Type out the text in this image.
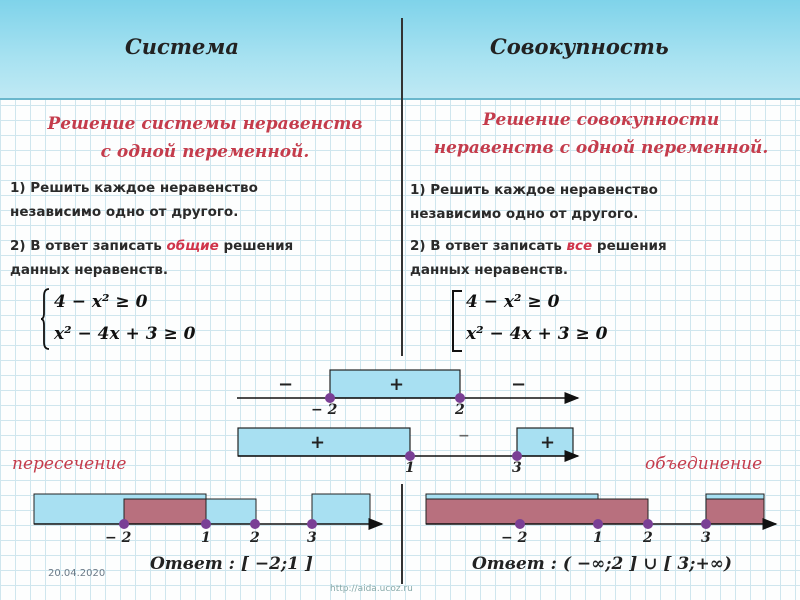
Система	Совокупность
Решение системы неравенств
с одной переменной.
1) Решить каждое неравенство
независимо одно от другого.
2) В ответ записать общие решения
данных неравенств.
4 − x² ≥ 0
x² − 4x + 3 ≥ 0
Решение совокупности
неравенств с одной переменной.
1) Решить каждое неравенство
независимо одно от другого.
2) В ответ записать все решения
данных неравенств.
4 − x² ≥ 0
x² − 4x + 3 ≥ 0
−	+	−
− 2	2
+	−	+
1	3
пересечение	объединение
− 2	1	2	3
Ответ : [ −2;1 ]
− 2	1	2	3
Ответ : ( −∞;2 ] ∪ [ 3;+∞)
20.04.2020
http://aida.ucoz.ru
